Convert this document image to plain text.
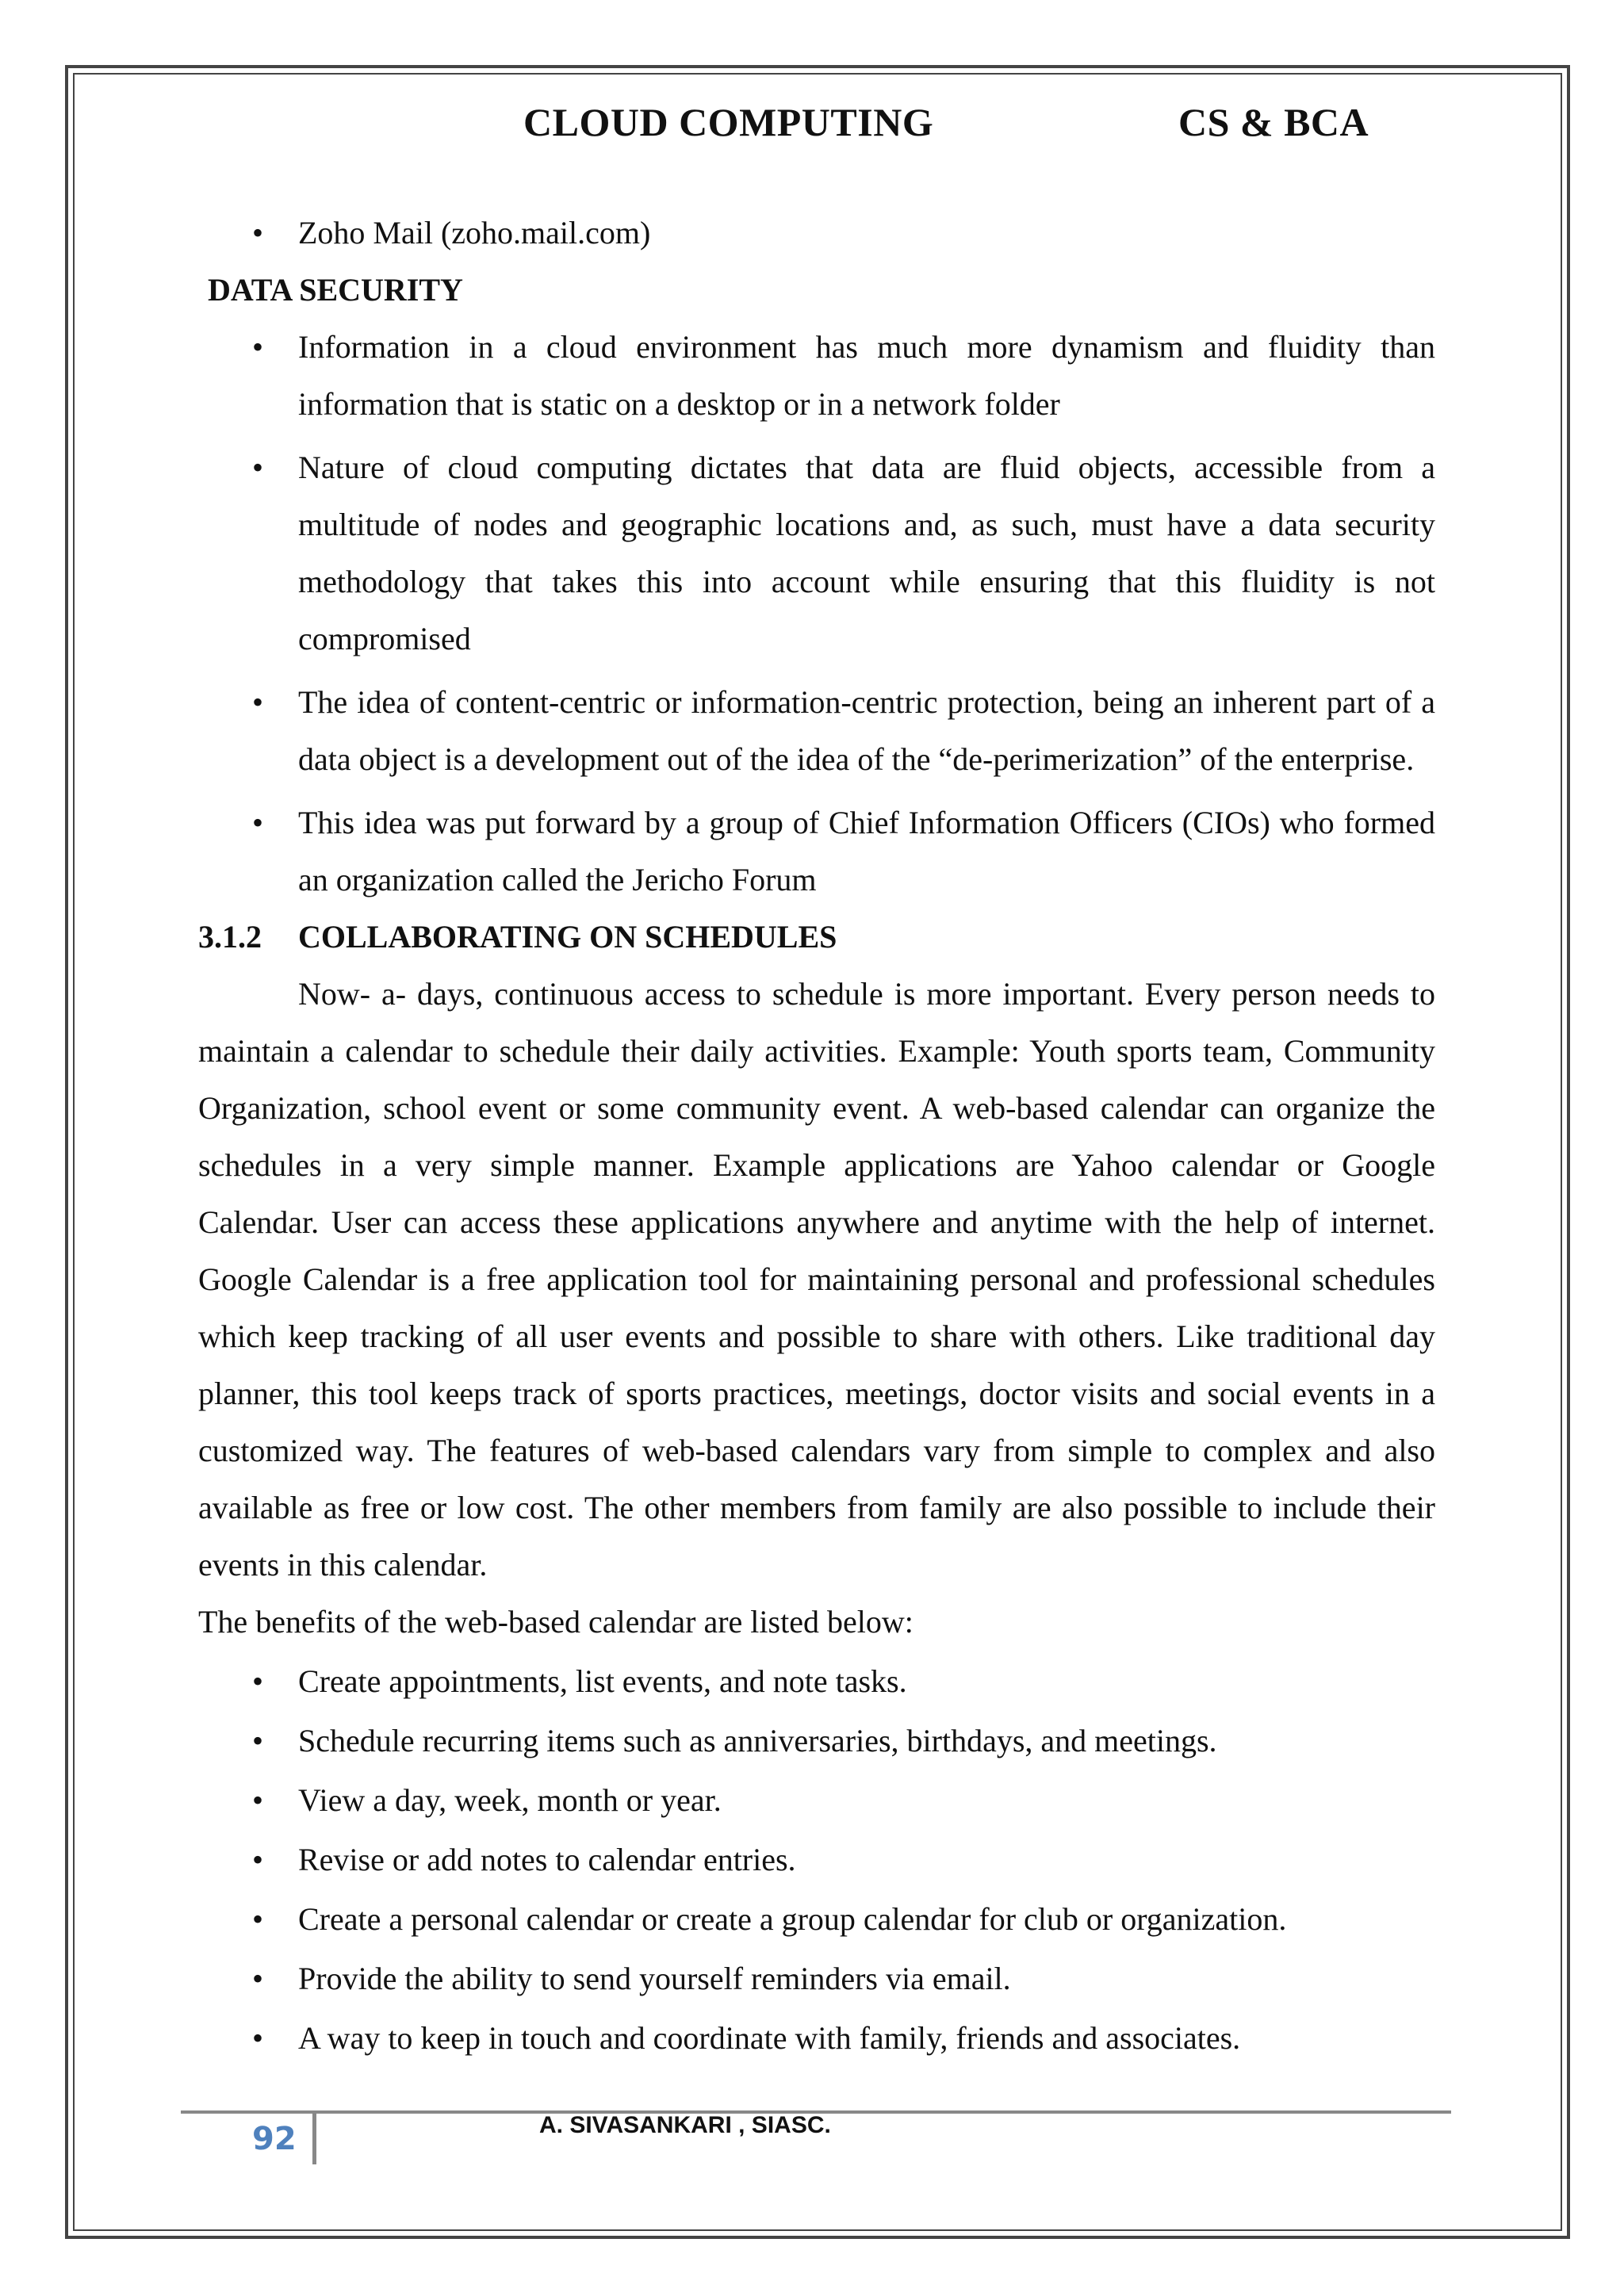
CLOUD COMPUTING	CS & BCA
• Zoho Mail (zoho.mail.com)
DATA SECURITY
• Information in a cloud environment has much more dynamism and fluidity than information that is static on a desktop or in a network folder
• Nature of cloud computing dictates that data are fluid objects, accessible from a multitude of nodes and geographic locations and, as such, must have a data security methodology that takes this into account while ensuring that this fluidity is not compromised
• The idea of content-centric or information-centric protection, being an inherent part of a data object is a development out of the idea of the “de-perimerization” of the enterprise.
• This idea was put forward by a group of Chief Information Officers (CIOs) who formed an organization called the Jericho Forum
3.1.2 COLLABORATING ON SCHEDULES
Now- a- days, continuous access to schedule is more important. Every person needs to maintain a calendar to schedule their daily activities. Example: Youth sports team, Community Organization, school event or some community event. A web-based calendar can organize the schedules in a very simple manner. Example applications are Yahoo calendar or Google Calendar. User can access these applications anywhere and anytime with the help of internet. Google Calendar is a free application tool for maintaining personal and professional schedules which keep tracking of all user events and possible to share with others. Like traditional day planner, this tool keeps track of sports practices, meetings, doctor visits and social events in a customized way. The features of web-based calendars vary from simple to complex and also available as free or low cost. The other members from family are also possible to include their events in this calendar.
The benefits of the web-based calendar are listed below:
• Create appointments, list events, and note tasks.
• Schedule recurring items such as anniversaries, birthdays, and meetings.
• View a day, week, month or year.
• Revise or add notes to calendar entries.
• Create a personal calendar or create a group calendar for club or organization.
• Provide the ability to send yourself reminders via email.
• A way to keep in touch and coordinate with family, friends and associates.
92	A. SIVASANKARI , SIASC.
